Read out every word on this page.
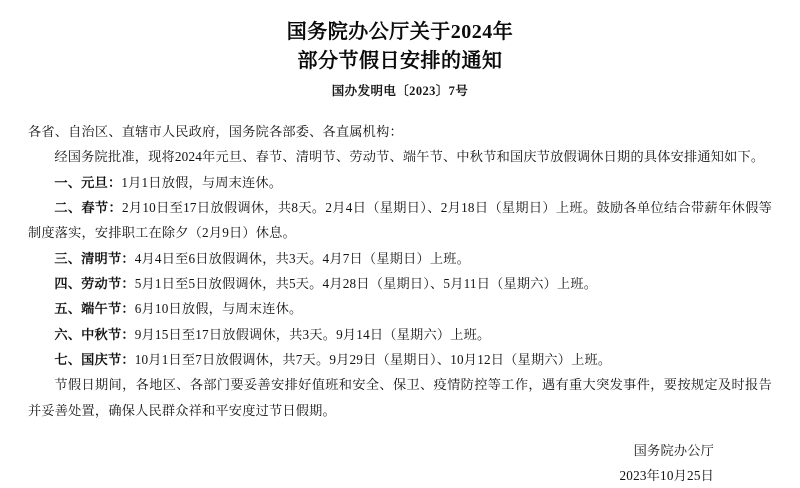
国务院办公厅关于2024年
部分节假日安排的通知
国办发明电〔2023〕7号
各省、自治区、直辖市人民政府，国务院各部委、各直属机构：
经国务院批准，现将2024年元旦、春节、清明节、劳动节、端午节、中秋节和国庆节放假调休日期的具体安排通知如下。
一、元旦：1月1日放假，与周末连休。
二、春节：2月10日至17日放假调休，共8天。2月4日（星期日）、2月18日（星期日）上班。鼓励各单位结合带薪年休假等制度落实，安排职工在除夕（2月9日）休息。
三、清明节：4月4日至6日放假调休，共3天。4月7日（星期日）上班。
四、劳动节：5月1日至5日放假调休，共5天。4月28日（星期日）、5月11日（星期六）上班。
五、端午节：6月10日放假，与周末连休。
六、中秋节：9月15日至17日放假调休，共3天。9月14日（星期六）上班。
七、国庆节：10月1日至7日放假调休，共7天。9月29日（星期日）、10月12日（星期六）上班。
节假日期间，各地区、各部门要妥善安排好值班和安全、保卫、疫情防控等工作，遇有重大突发事件，要按规定及时报告并妥善处置，确保人民群众祥和平安度过节日假期。
国务院办公厅
2023年10月25日
